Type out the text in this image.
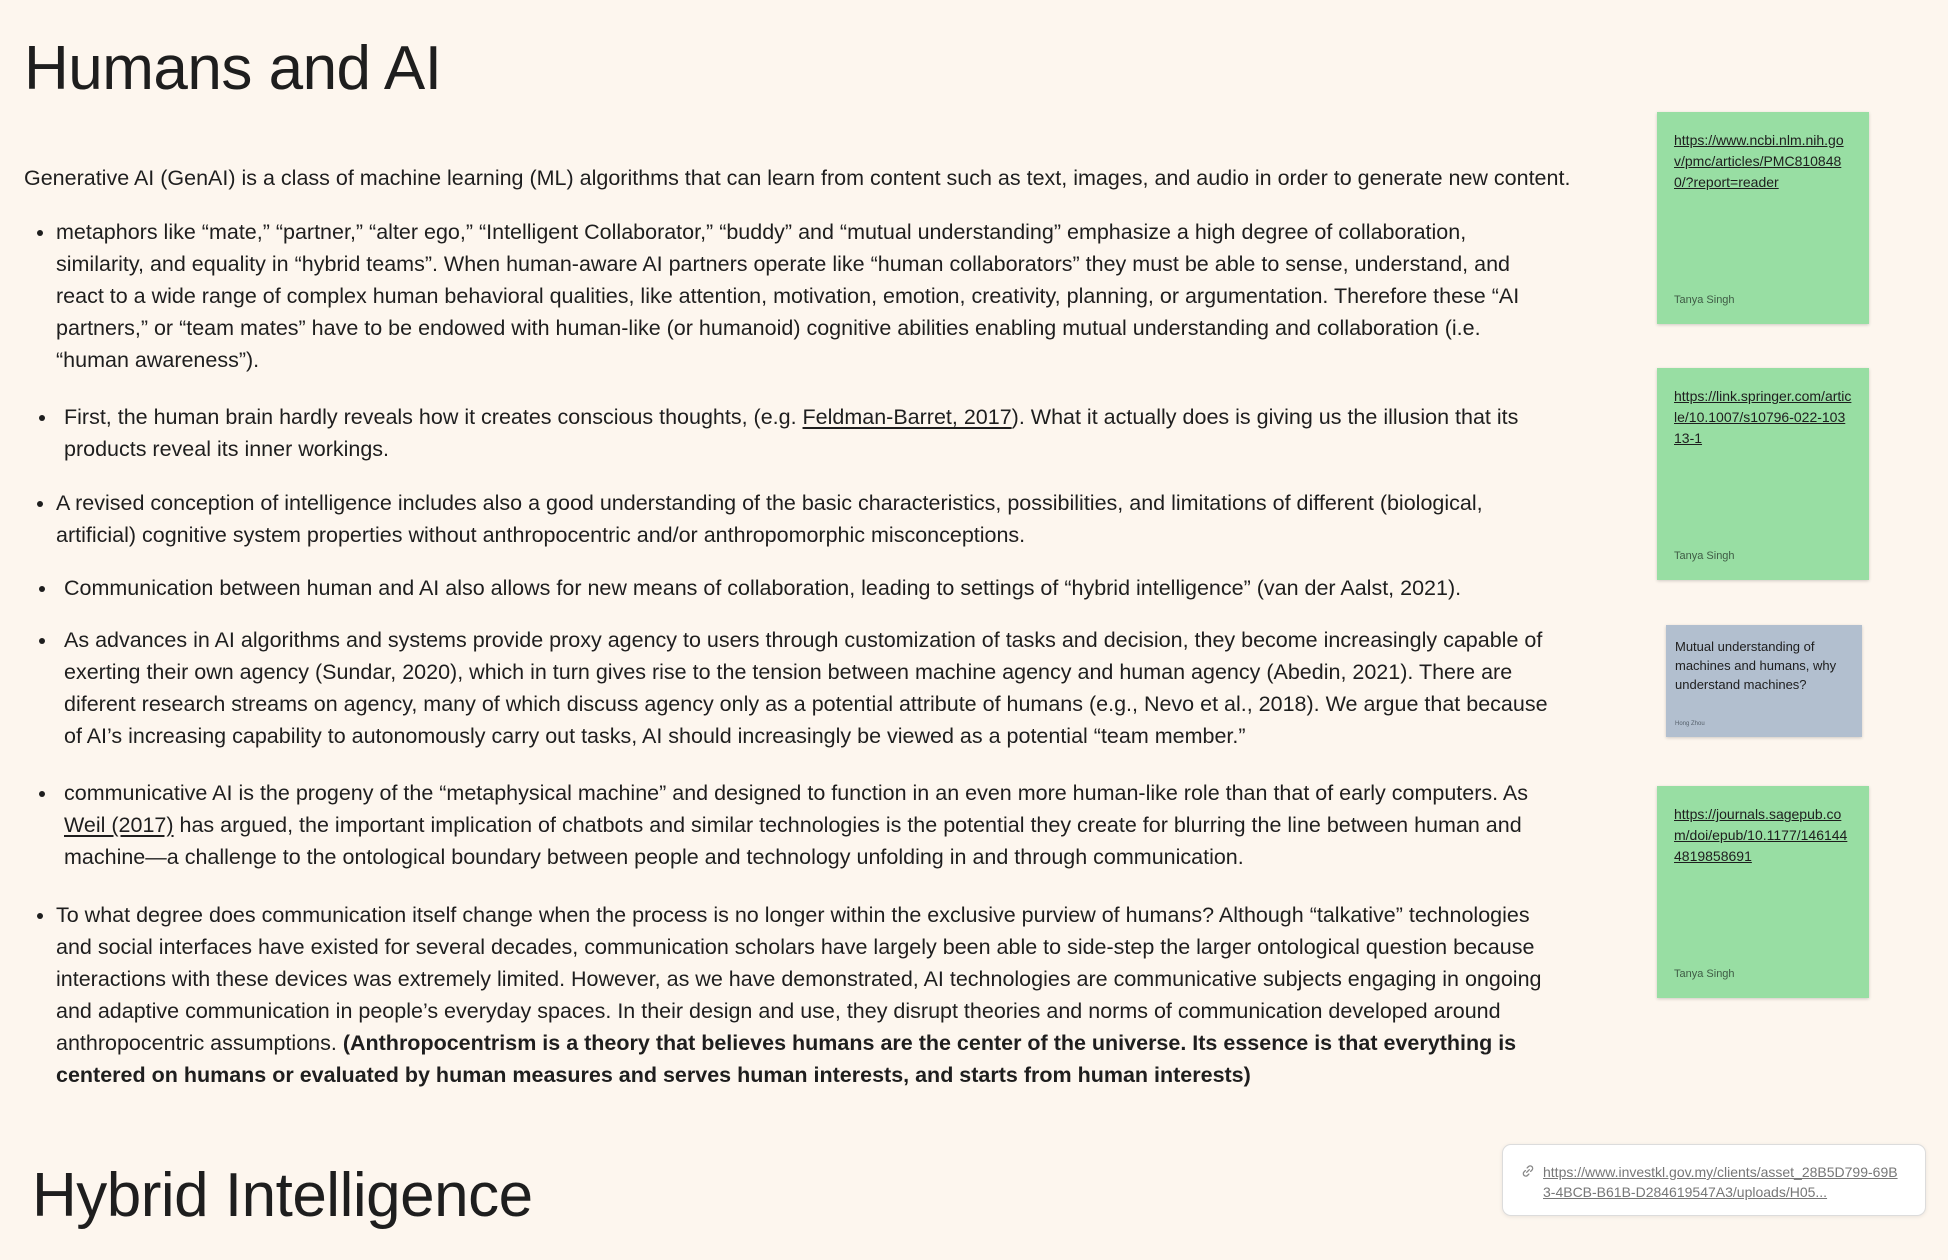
Humans and AI

Generative AI (GenAI) is a class of machine learning (ML) algorithms that can learn from content such as text, images, and audio in order to generate new content.

metaphors like “mate,” “partner,” “alter ego,” “Intelligent Collaborator,” “buddy” and “mutual understanding” emphasize a high degree of collaboration, similarity, and equality in “hybrid teams”. When human-aware AI partners operate like “human collaborators” they must be able to sense, understand, and react to a wide range of complex human behavioral qualities, like attention, motivation, emotion, creativity, planning, or argumentation. Therefore these “AI partners,” or “team mates” have to be endowed with human-like (or humanoid) cognitive abilities enabling mutual understanding and collaboration (i.e. “human awareness”).
First, the human brain hardly reveals how it creates conscious thoughts, (e.g. Feldman-Barret, 2017). What it actually does is giving us the illusion that its products reveal its inner workings.
A revised conception of intelligence includes also a good understanding of the basic characteristics, possibilities, and limitations of different (biological, artificial) cognitive system properties without anthropocentric and/or anthropomorphic misconceptions.
Communication between human and AI also allows for new means of collaboration, leading to settings of “hybrid intelligence” (van der Aalst, 2021).
As advances in AI algorithms and systems provide proxy agency to users through customization of tasks and decision, they become increasingly capable of exerting their own agency (Sundar, 2020), which in turn gives rise to the tension between machine agency and human agency (Abedin, 2021). There are diferent research streams on agency, many of which discuss agency only as a potential attribute of humans (e.g., Nevo et al., 2018). We argue that because of AI’s increasing capability to autonomously carry out tasks, AI should increasingly be viewed as a potential “team member.”
communicative AI is the progeny of the “metaphysical machine” and designed to function in an even more human-like role than that of early computers. As Weil (2017) has argued, the important implication of chatbots and similar technologies is the potential they create for blurring the line between human and machine—a challenge to the ontological boundary between people and technology unfolding in and through communication.
To what degree does communication itself change when the process is no longer within the exclusive purview of humans? Although “talkative” technologies and social interfaces have existed for several decades, communication scholars have largely been able to side-step the larger ontological question because interactions with these devices was extremely limited. However, as we have demonstrated, AI technologies are communicative subjects engaging in ongoing and adaptive communication in people’s everyday spaces. In their design and use, they disrupt theories and norms of communication developed around anthropocentric assumptions. (Anthropocentrism is a theory that believes humans are the center of the universe. Its essence is that everything is centered on humans or evaluated by human measures and serves human interests, and starts from human interests)
Hybrid Intelligence
https://www.ncbi.nlm.nih.gov/pmc/articles/PMC8108480/?report=reader
Tanya Singh
https://link.springer.com/article/10.1007/s10796-022-10313-1
Tanya Singh
Mutual understanding of machines and humans, why understand machines?
Hong Zhou
https://journals.sagepub.com/doi/epub/10.1177/1461444819858691
Tanya Singh
https://www.investkl.gov.my/clients/asset_28B5D799-69B3-4BCB-B61B-D284619547A3/uploads/H05...
